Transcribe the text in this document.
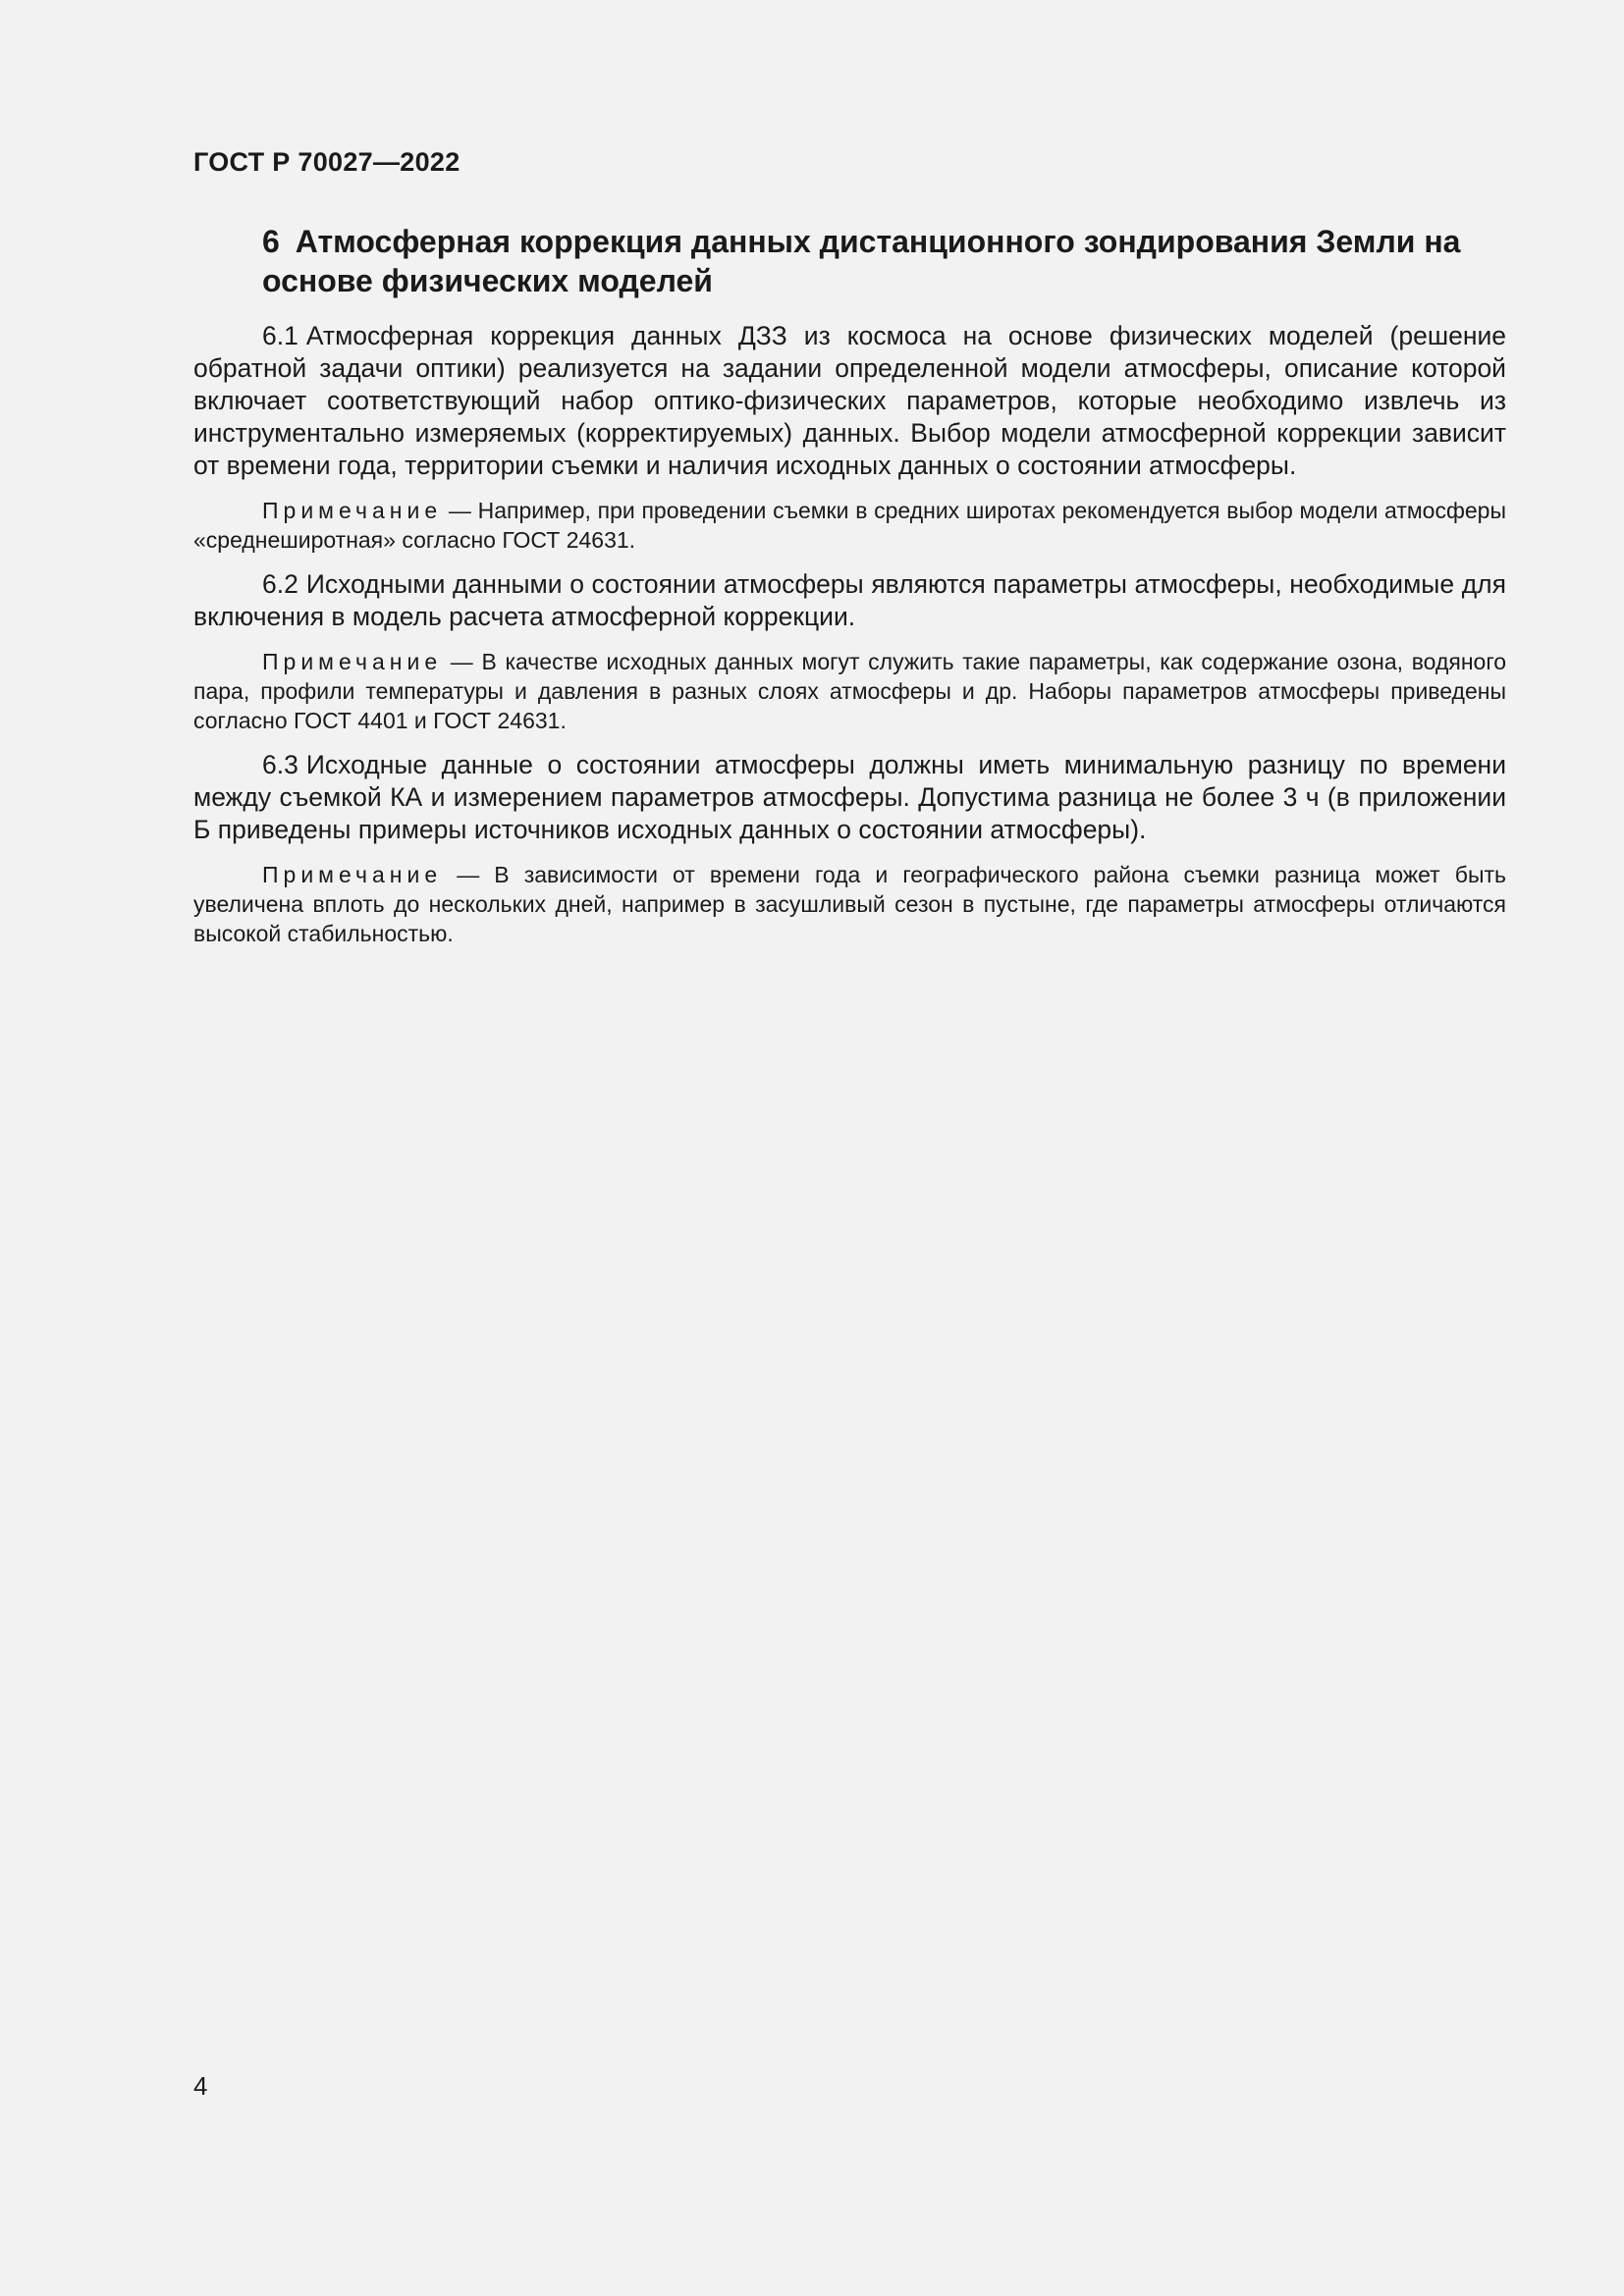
ГОСТ Р 70027—2022
6 Атмосферная коррекция данных дистанционного зондирования Земли на основе физических моделей

6.1 Атмосферная коррекция данных ДЗЗ из космоса на основе физических моделей (решение обратной задачи оптики) реализуется на задании определенной модели атмосферы, описание которой включает соответствующий набор оптико-физических параметров, которые необходимо извлечь из инструментально измеряемых (корректируемых) данных. Выбор модели атмосферной коррекции зависит от времени года, территории съемки и наличия исходных данных о состоянии атмосферы.

Примечание — Например, при проведении съемки в средних широтах рекомендуется выбор модели атмосферы «среднеширотная» согласно ГОСТ 24631.

6.2 Исходными данными о состоянии атмосферы являются параметры атмосферы, необходимые для включения в модель расчета атмосферной коррекции.

Примечание — В качестве исходных данных могут служить такие параметры, как содержание озона, водяного пара, профили температуры и давления в разных слоях атмосферы и др. Наборы параметров атмосферы приведены согласно ГОСТ 4401 и ГОСТ 24631.

6.3 Исходные данные о состоянии атмосферы должны иметь минимальную разницу по времени между съемкой КА и измерением параметров атмосферы. Допустима разница не более 3 ч (в приложении Б приведены примеры источников исходных данных о состоянии атмосферы).

Примечание — В зависимости от времени года и географического района съемки разница может быть увеличена вплоть до нескольких дней, например в засушливый сезон в пустыне, где параметры атмосферы отличаются высокой стабильностью.

4
